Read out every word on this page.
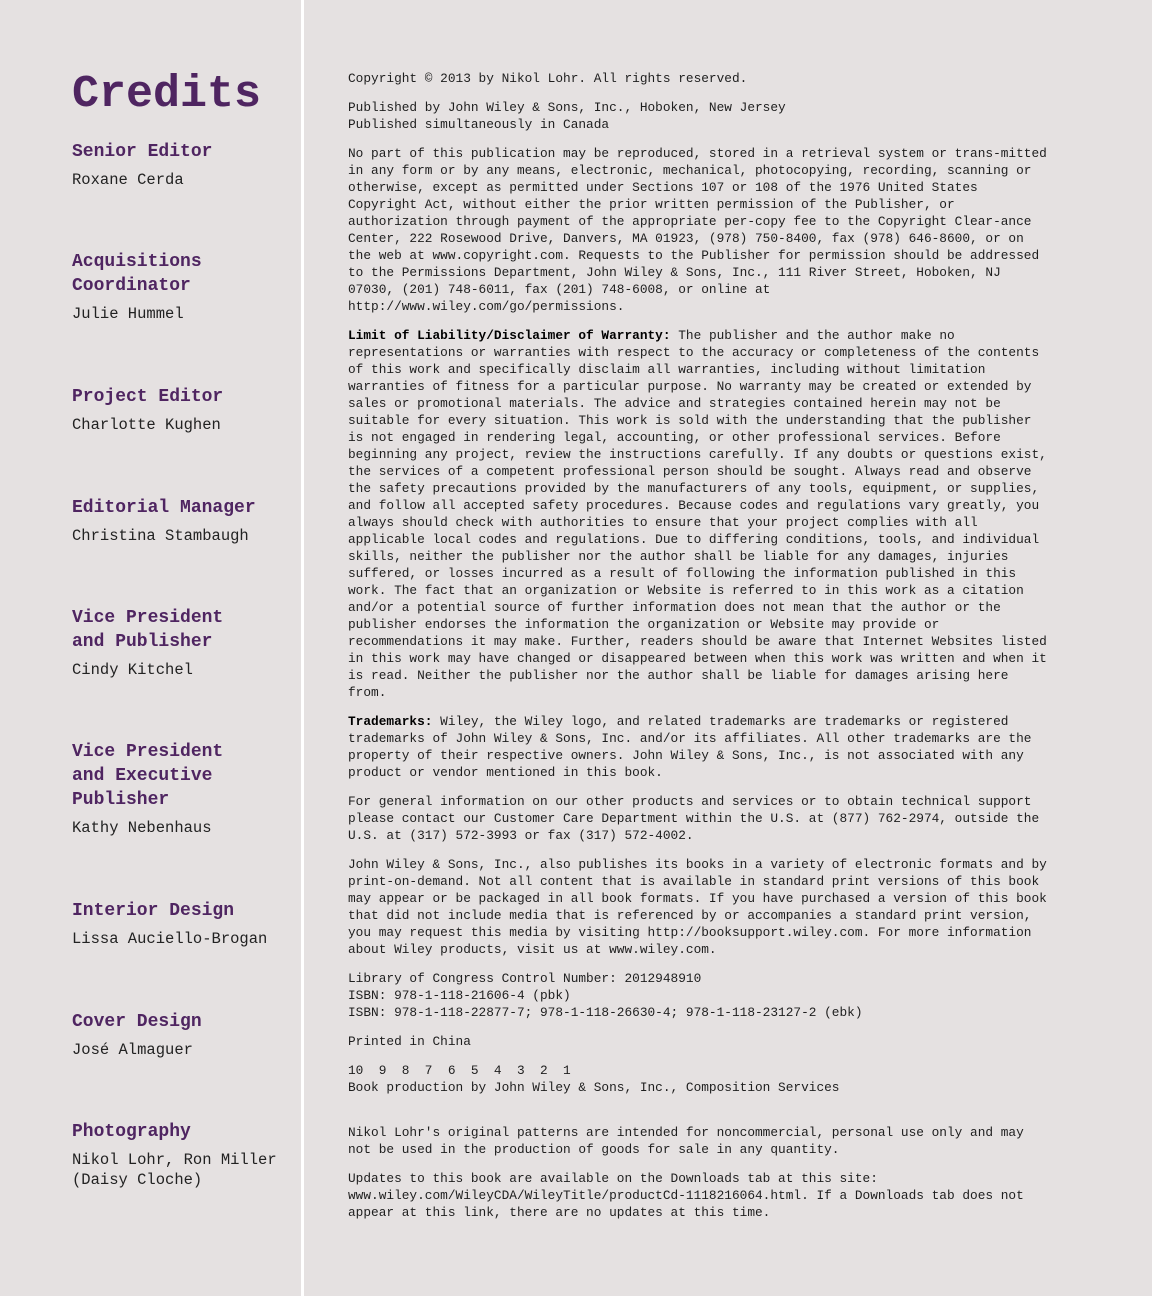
Credits

Senior Editor

Roxane Cerda

Acquisitions Coordinator

Julie Hummel

Project Editor

Charlotte Kughen

Editorial Manager

Christina Stambaugh

Vice President and Publisher

Cindy Kitchel

Vice President and Executive Publisher

Kathy Nebenhaus

Interior Design

Lissa Auciello-Brogan

Cover Design

José Almaguer

Photography

Nikol Lohr, Ron Miller (Daisy Cloche)

Copyright © 2013 by Nikol Lohr. All rights reserved.

Published by John Wiley & Sons, Inc., Hoboken, New Jersey
Published simultaneously in Canada

No part of this publication may be reproduced, stored in a retrieval system or trans-mitted in any form or by any means, electronic, mechanical, photocopying, recording, scanning or otherwise, except as permitted under Sections 107 or 108 of the 1976 United States Copyright Act, without either the prior written permission of the Publisher, or authorization through payment of the appropriate per-copy fee to the Copyright Clear-ance Center, 222 Rosewood Drive, Danvers, MA 01923, (978) 750-8400, fax (978) 646-8600, or on the web at www.copyright.com. Requests to the Publisher for permission should be addressed to the Permissions Department, John Wiley & Sons, Inc., 111 River Street, Hoboken, NJ 07030, (201) 748-6011, fax (201) 748-6008, or online at http://www.wiley.com/go/permissions.

Limit of Liability/Disclaimer of Warranty: The publisher and the author make no representations or warranties with respect to the accuracy or completeness of the contents of this work and specifically disclaim all warranties, including without limitation warranties of fitness for a particular purpose. No warranty may be created or extended by sales or promotional materials. The advice and strategies contained herein may not be suitable for every situation. This work is sold with the understanding that the publisher is not engaged in rendering legal, accounting, or other professional services. Before beginning any project, review the instructions carefully. If any doubts or questions exist, the services of a competent professional person should be sought. Always read and observe the safety precautions provided by the manufacturers of any tools, equipment, or supplies, and follow all accepted safety procedures. Because codes and regulations vary greatly, you always should check with authorities to ensure that your project complies with all applicable local codes and regulations. Due to differing conditions, tools, and individual skills, neither the publisher nor the author shall be liable for any damages, injuries suffered, or losses incurred as a result of following the information published in this work. The fact that an organization or Website is referred to in this work as a citation and/or a potential source of further information does not mean that the author or the publisher endorses the information the organization or Website may provide or recommendations it may make. Further, readers should be aware that Internet Websites listed in this work may have changed or disappeared between when this work was written and when it is read. Neither the publisher nor the author shall be liable for damages arising here from.

Trademarks: Wiley, the Wiley logo, and related trademarks are trademarks or registered trademarks of John Wiley & Sons, Inc. and/or its affiliates. All other trademarks are the property of their respective owners. John Wiley & Sons, Inc., is not associated with any product or vendor mentioned in this book.

For general information on our other products and services or to obtain technical support please contact our Customer Care Department within the U.S. at (877) 762-2974, outside the U.S. at (317) 572-3993 or fax (317) 572-4002.

John Wiley & Sons, Inc., also publishes its books in a variety of electronic formats and by print-on-demand. Not all content that is available in standard print versions of this book may appear or be packaged in all book formats. If you have purchased a version of this book that did not include media that is referenced by or accompanies a standard print version, you may request this media by visiting http://booksupport.wiley.com. For more information about Wiley products, visit us at www.wiley.com.

Library of Congress Control Number: 2012948910
ISBN: 978-1-118-21606-4 (pbk)
ISBN: 978-1-118-22877-7; 978-1-118-26630-4; 978-1-118-23127-2 (ebk)

Printed in China

10  9  8  7  6  5  4  3  2  1
Book production by John Wiley & Sons, Inc., Composition Services

Nikol Lohr's original patterns are intended for noncommercial, personal use only and may not be used in the production of goods for sale in any quantity.

Updates to this book are available on the Downloads tab at this site: www.wiley.com/WileyCDA/WileyTitle/productCd-1118216064.html. If a Downloads tab does not appear at this link, there are no updates at this time.
